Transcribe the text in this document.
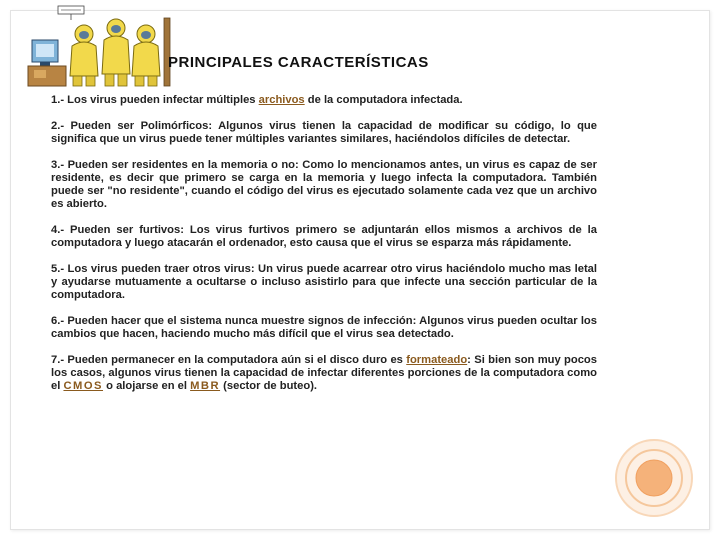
PRINCIPALES CARACTERÍSTICAS

1.- Los virus pueden infectar múltiples archivos de la computadora infectada.

2.- Pueden ser Polimórficos: Algunos virus tienen la capacidad de modificar su código, lo que significa que un virus puede tener múltiples variantes similares, haciéndolos difíciles de detectar.

3.- Pueden ser residentes en la memoria o no: Como lo mencionamos antes, un virus es capaz de ser residente, es decir que primero se carga en la memoria y luego infecta la computadora. También puede ser "no residente", cuando el código del virus es ejecutado solamente cada vez que un archivo es abierto.

4.- Pueden ser furtivos: Los virus furtivos primero se adjuntarán ellos mismos a archivos de la computadora y luego atacarán el ordenador, esto causa que el virus se esparza más rápidamente.

5.- Los virus pueden traer otros virus: Un virus puede acarrear otro virus haciéndolo mucho mas letal y ayudarse mutuamente a ocultarse o incluso asistirlo para que infecte una sección particular de la computadora.

6.- Pueden hacer que el sistema nunca muestre signos de infección: Algunos virus pueden ocultar los cambios que hacen, haciendo mucho más difícil que el virus sea detectado.

7.- Pueden permanecer en la computadora aún si el disco duro es formateado: Si bien son muy pocos los casos, algunos virus tienen la capacidad de infectar diferentes porciones de la computadora como el CMOS o alojarse en el MBR (sector de buteo).
